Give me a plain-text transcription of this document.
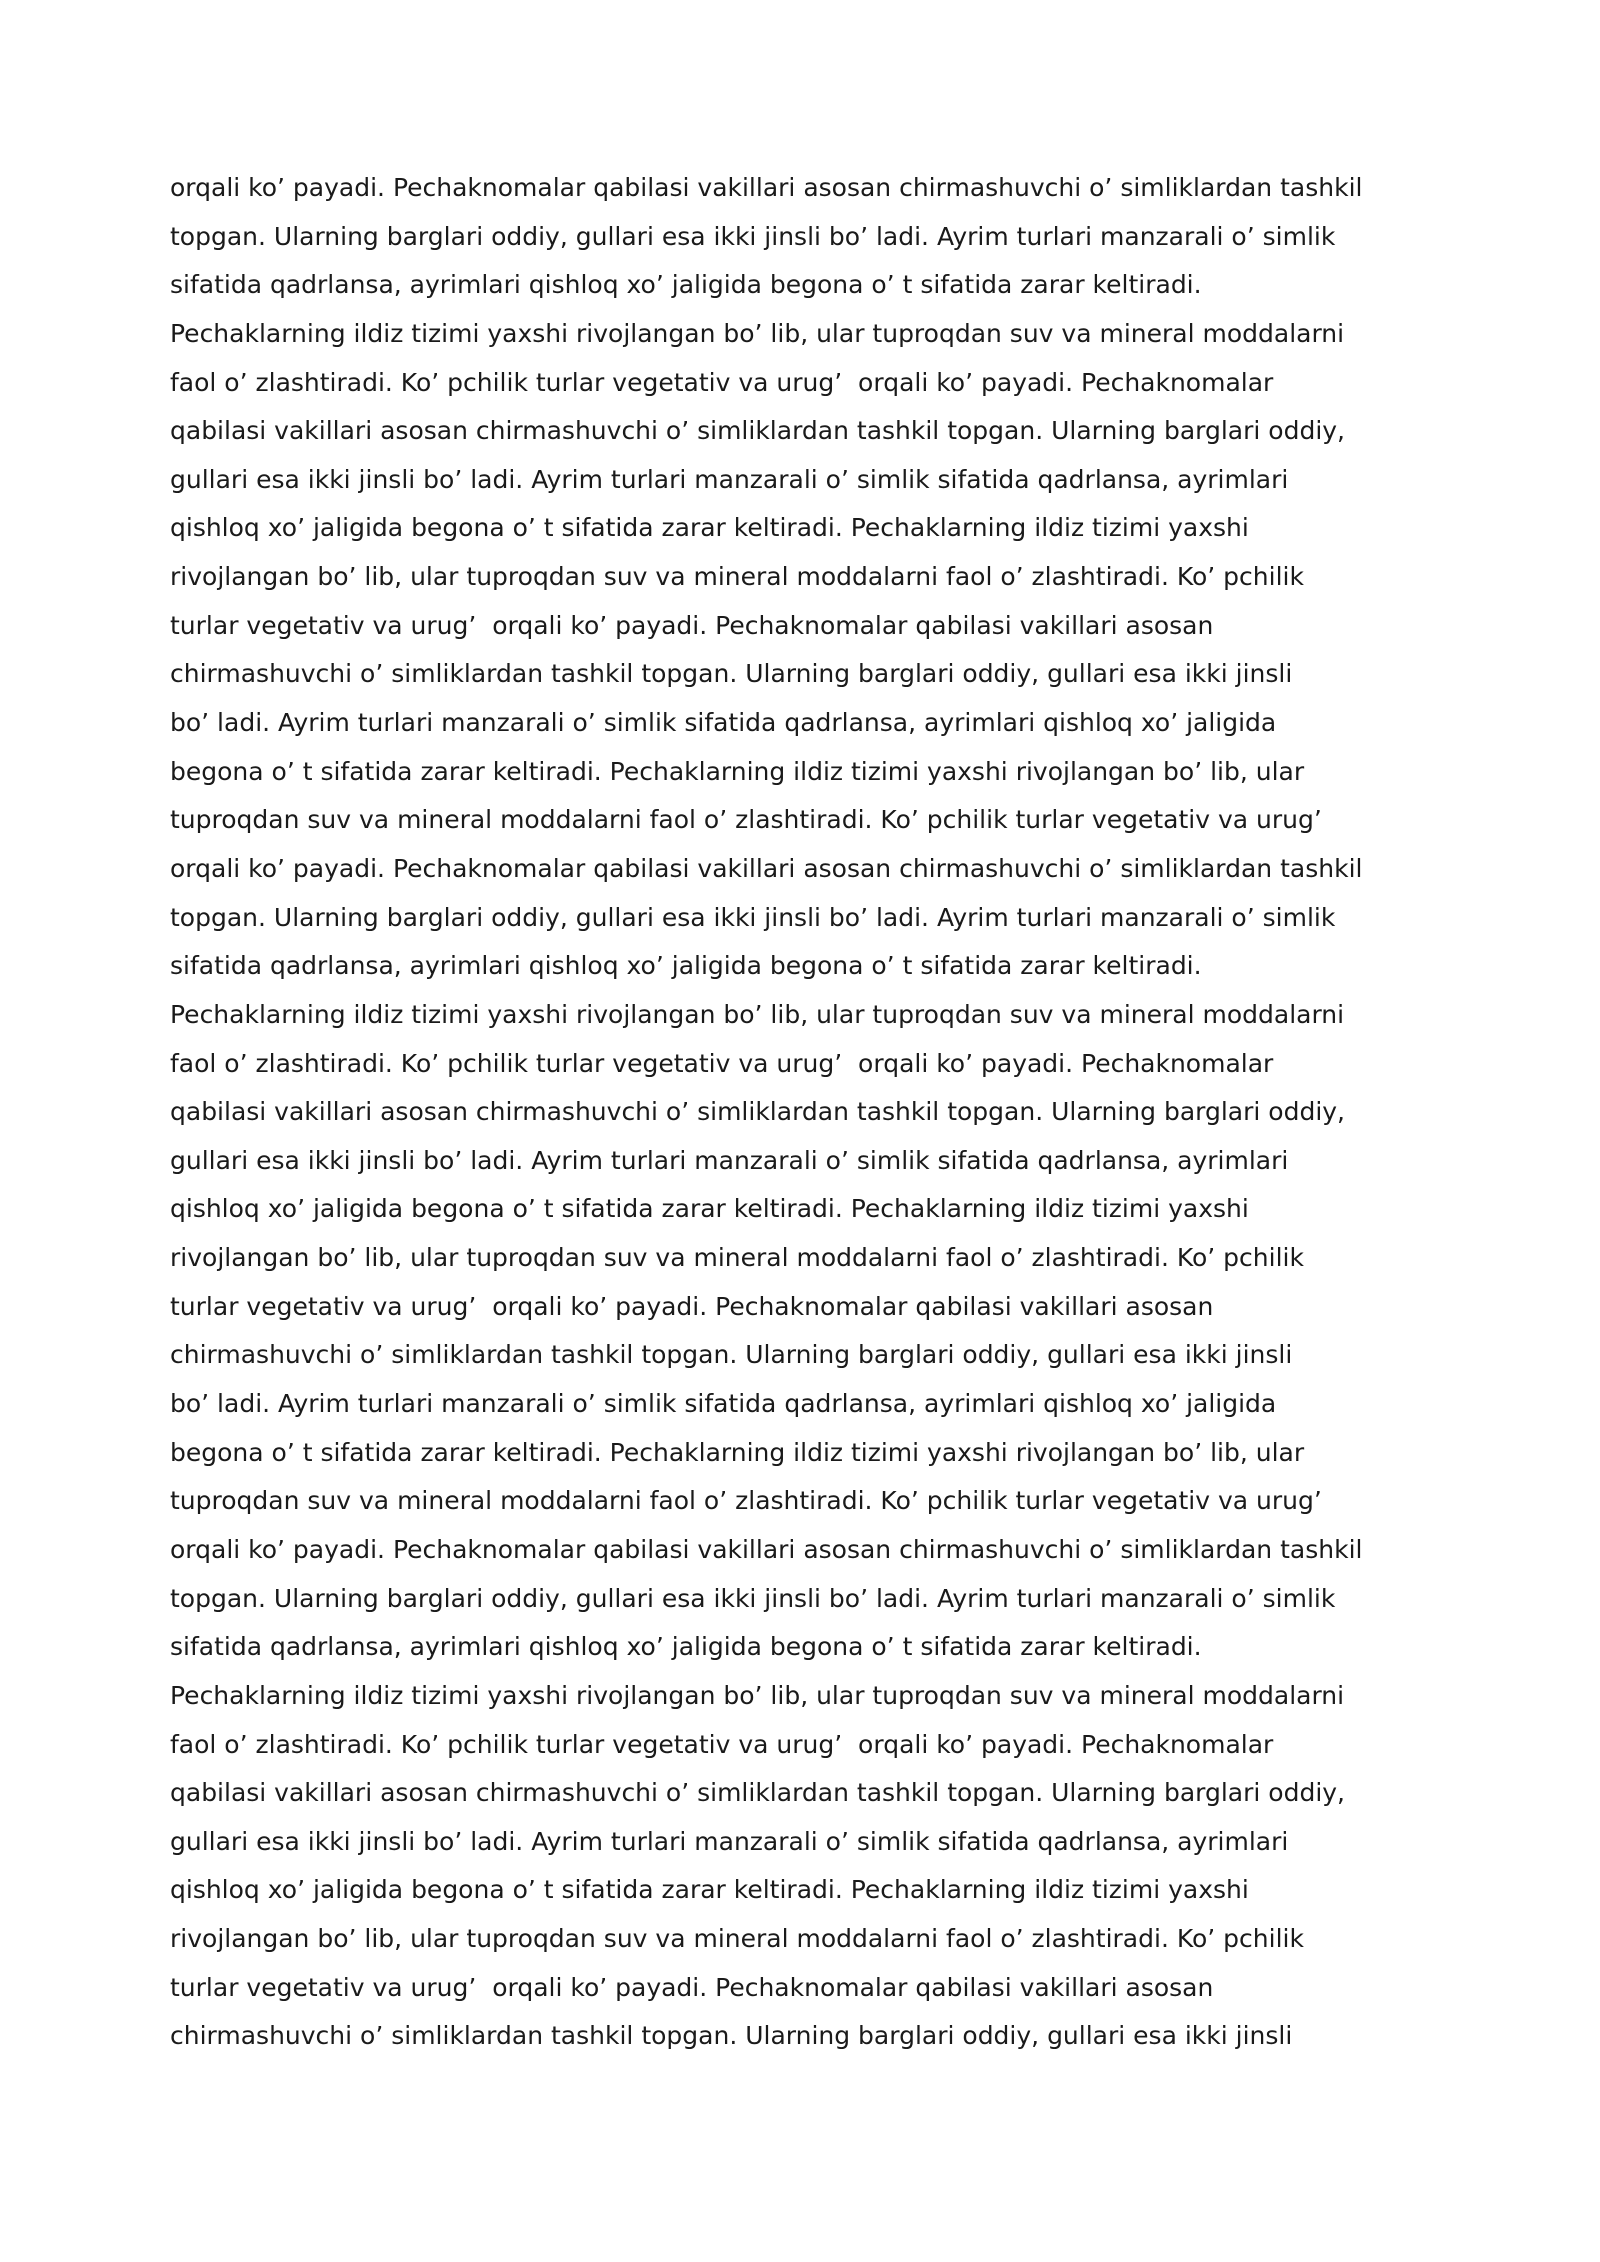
orqali ko’ payadi. Pechaknomalar qabilasi vakillari asosan chirmashuvchi o’ simliklardan tashkil
topgan. Ularning barglari oddiy, gullari esa ikki jinsli bo’ ladi. Ayrim turlari manzarali o’ simlik
sifatida qadrlansa, ayrimlari qishloq xo’ jaligida begona o’ t sifatida zarar keltiradi.
Pechaklarning ildiz tizimi yaxshi rivojlangan bo’ lib, ular tuproqdan suv va mineral moddalarni
faol o’ zlashtiradi. Ko’ pchilik turlar vegetativ va urug’  orqali ko’ payadi. Pechaknomalar
qabilasi vakillari asosan chirmashuvchi o’ simliklardan tashkil topgan. Ularning barglari oddiy,
gullari esa ikki jinsli bo’ ladi. Ayrim turlari manzarali o’ simlik sifatida qadrlansa, ayrimlari
qishloq xo’ jaligida begona o’ t sifatida zarar keltiradi. Pechaklarning ildiz tizimi yaxshi
rivojlangan bo’ lib, ular tuproqdan suv va mineral moddalarni faol o’ zlashtiradi. Ko’ pchilik
turlar vegetativ va urug’  orqali ko’ payadi. Pechaknomalar qabilasi vakillari asosan
chirmashuvchi o’ simliklardan tashkil topgan. Ularning barglari oddiy, gullari esa ikki jinsli
bo’ ladi. Ayrim turlari manzarali o’ simlik sifatida qadrlansa, ayrimlari qishloq xo’ jaligida
begona o’ t sifatida zarar keltiradi. Pechaklarning ildiz tizimi yaxshi rivojlangan bo’ lib, ular
tuproqdan suv va mineral moddalarni faol o’ zlashtiradi. Ko’ pchilik turlar vegetativ va urug’
orqali ko’ payadi. Pechaknomalar qabilasi vakillari asosan chirmashuvchi o’ simliklardan tashkil
topgan. Ularning barglari oddiy, gullari esa ikki jinsli bo’ ladi. Ayrim turlari manzarali o’ simlik
sifatida qadrlansa, ayrimlari qishloq xo’ jaligida begona o’ t sifatida zarar keltiradi.
Pechaklarning ildiz tizimi yaxshi rivojlangan bo’ lib, ular tuproqdan suv va mineral moddalarni
faol o’ zlashtiradi. Ko’ pchilik turlar vegetativ va urug’  orqali ko’ payadi. Pechaknomalar
qabilasi vakillari asosan chirmashuvchi o’ simliklardan tashkil topgan. Ularning barglari oddiy,
gullari esa ikki jinsli bo’ ladi. Ayrim turlari manzarali o’ simlik sifatida qadrlansa, ayrimlari
qishloq xo’ jaligida begona o’ t sifatida zarar keltiradi. Pechaklarning ildiz tizimi yaxshi
rivojlangan bo’ lib, ular tuproqdan suv va mineral moddalarni faol o’ zlashtiradi. Ko’ pchilik
turlar vegetativ va urug’  orqali ko’ payadi. Pechaknomalar qabilasi vakillari asosan
chirmashuvchi o’ simliklardan tashkil topgan. Ularning barglari oddiy, gullari esa ikki jinsli
bo’ ladi. Ayrim turlari manzarali o’ simlik sifatida qadrlansa, ayrimlari qishloq xo’ jaligida
begona o’ t sifatida zarar keltiradi. Pechaklarning ildiz tizimi yaxshi rivojlangan bo’ lib, ular
tuproqdan suv va mineral moddalarni faol o’ zlashtiradi. Ko’ pchilik turlar vegetativ va urug’
orqali ko’ payadi. Pechaknomalar qabilasi vakillari asosan chirmashuvchi o’ simliklardan tashkil
topgan. Ularning barglari oddiy, gullari esa ikki jinsli bo’ ladi. Ayrim turlari manzarali o’ simlik
sifatida qadrlansa, ayrimlari qishloq xo’ jaligida begona o’ t sifatida zarar keltiradi.
Pechaklarning ildiz tizimi yaxshi rivojlangan bo’ lib, ular tuproqdan suv va mineral moddalarni
faol o’ zlashtiradi. Ko’ pchilik turlar vegetativ va urug’  orqali ko’ payadi. Pechaknomalar
qabilasi vakillari asosan chirmashuvchi o’ simliklardan tashkil topgan. Ularning barglari oddiy,
gullari esa ikki jinsli bo’ ladi. Ayrim turlari manzarali o’ simlik sifatida qadrlansa, ayrimlari
qishloq xo’ jaligida begona o’ t sifatida zarar keltiradi. Pechaklarning ildiz tizimi yaxshi
rivojlangan bo’ lib, ular tuproqdan suv va mineral moddalarni faol o’ zlashtiradi. Ko’ pchilik
turlar vegetativ va urug’  orqali ko’ payadi. Pechaknomalar qabilasi vakillari asosan
chirmashuvchi o’ simliklardan tashkil topgan. Ularning barglari oddiy, gullari esa ikki jinsli
